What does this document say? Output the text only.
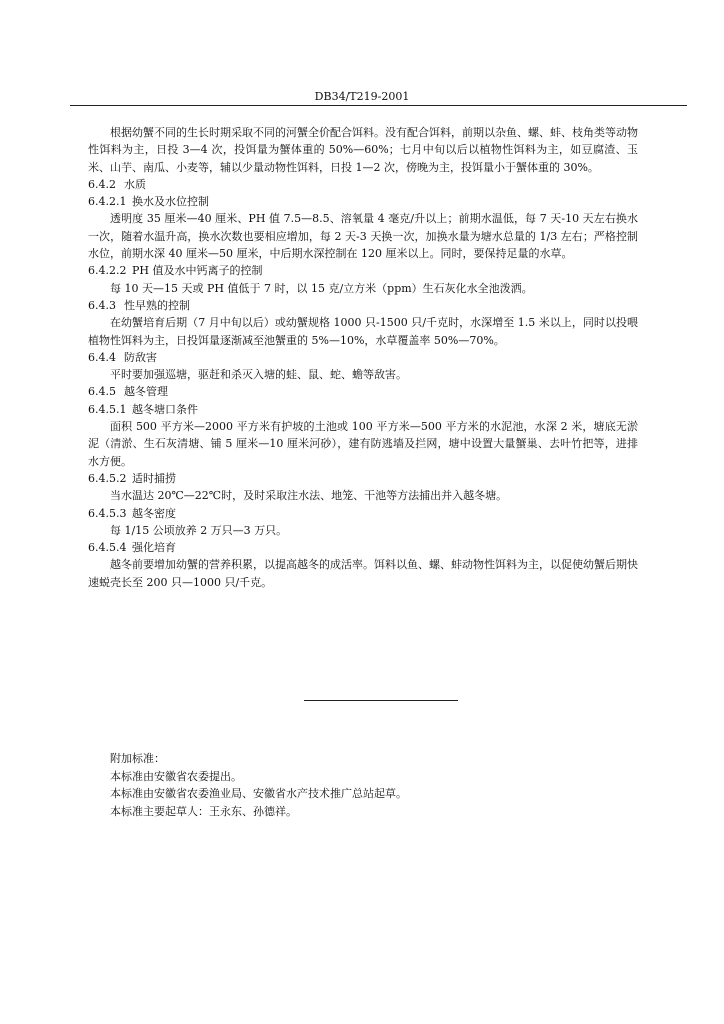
DB34/T219-2001

根据幼蟹不同的生长时期采取不同的河蟹全价配合饵料。没有配合饵料，前期以杂鱼、螺、蚌、枝角类等动物性饵料为主，日投 3—4 次，投饵量为蟹体重的 50%—60%；七月中旬以后以植物性饵料为主，如豆腐渣、玉米、山芋、南瓜、小麦等，辅以少量动物性饵料，日投 1—2 次，傍晚为主，投饵量小于蟹体重的 30%。

6.4.2 水质

6.4.2.1 换水及水位控制

透明度 35 厘米—40 厘米、PH 值 7.5—8.5、溶氧量 4 毫克/升以上；前期水温低，每 7 天-10 天左右换水一次，随着水温升高，换水次数也要相应增加，每 2 天-3 天换一次，加换水量为塘水总量的 1/3 左右；严格控制水位，前期水深 40 厘米—50 厘米，中后期水深控制在 120 厘米以上。同时，要保持足量的水草。

6.4.2.2 PH 值及水中钙离子的控制

每 10 天—15 天或 PH 值低于 7 时，以 15 克/立方米（ppm）生石灰化水全池泼洒。

6.4.3 性早熟的控制

在幼蟹培育后期（7 月中旬以后）或幼蟹规格 1000 只-1500 只/千克时，水深增至 1.5 米以上，同时以投喂植物性饵料为主，日投饵量逐渐减至池蟹重的 5%—10%，水草覆盖率 50%—70%。

6.4.4 防敌害

平时要加强巡塘，驱赶和杀灭入塘的蛙、鼠、蛇、蟾等敌害。

6.4.5 越冬管理

6.4.5.1 越冬塘口条件

面积 500 平方米—2000 平方米有护坡的土池或 100 平方米—500 平方米的水泥池，水深 2 米，塘底无淤泥（清淤、生石灰清塘、铺 5 厘米—10 厘米河砂），建有防逃墙及拦网，塘中设置大量蟹巢、去叶竹把等，进排水方便。

6.4.5.2 适时捕捞

当水温达 20℃—22℃时，及时采取注水法、地笼、干池等方法捕出并入越冬塘。

6.4.5.3 越冬密度

每 1/15 公顷放养 2 万只—3 万只。

6.4.5.4 强化培育

越冬前要增加幼蟹的营养积累，以提高越冬的成活率。饵料以鱼、螺、蚌动物性饵料为主，以促使幼蟹后期快速蜕壳长至 200 只—1000 只/千克。

附加标准：

本标准由安徽省农委提出。

本标准由安徽省农委渔业局、安徽省水产技术推广总站起草。

本标准主要起草人：王永东、孙德祥。
